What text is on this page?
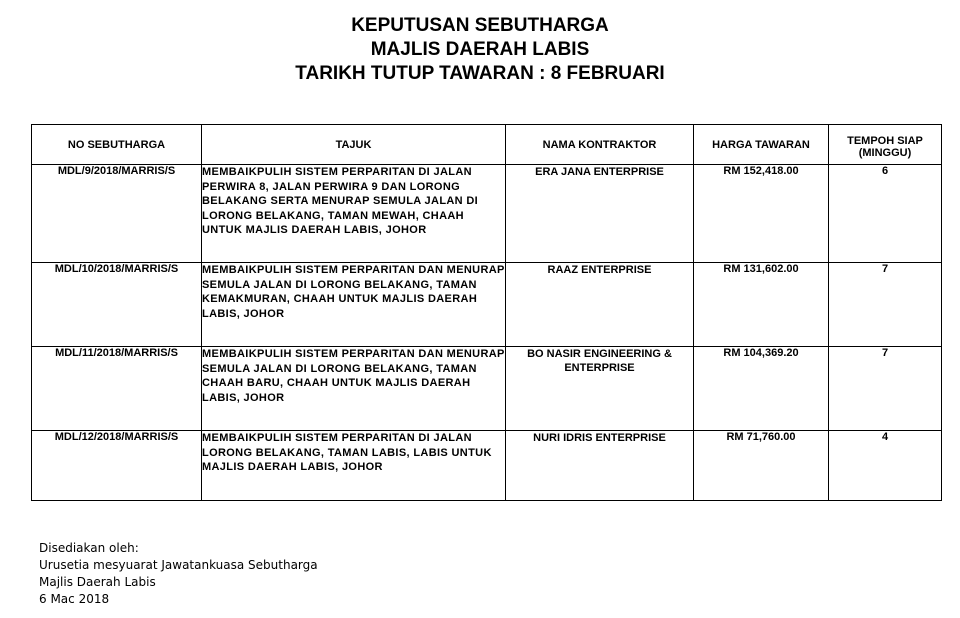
KEPUTUSAN SEBUTHARGA
MAJLIS DAERAH LABIS
TARIKH TUTUP TAWARAN : 8 FEBRUARI
NO SEBUTHARGA	TAJUK	NAMA KONTRAKTOR	HARGA TAWARAN	TEMPOH SIAP (MINGGU)

MDL/9/2018/MARRIS/S	MEMBAIKPULIH SISTEM PERPARITAN DI JALAN PERWIRA 8, JALAN PERWIRA 9 DAN LORONG BELAKANG SERTA MENURAP SEMULA JALAN DI LORONG BELAKANG, TAMAN MEWAH, CHAAH UNTUK MAJLIS DAERAH LABIS, JOHOR	ERA JANA ENTERPRISE	RM 152,418.00	6
MDL/10/2018/MARRIS/S	MEMBAIKPULIH SISTEM PERPARITAN DAN MENURAP SEMULA JALAN DI LORONG BELAKANG, TAMAN KEMAKMURAN, CHAAH UNTUK MAJLIS DAERAH LABIS, JOHOR	RAAZ ENTERPRISE	RM 131,602.00	7
MDL/11/2018/MARRIS/S	MEMBAIKPULIH SISTEM PERPARITAN DAN MENURAP SEMULA JALAN DI LORONG BELAKANG, TAMAN CHAAH BARU, CHAAH UNTUK MAJLIS DAERAH LABIS, JOHOR	BO NASIR ENGINEERING & ENTERPRISE	RM 104,369.20	7
MDL/12/2018/MARRIS/S	MEMBAIKPULIH SISTEM PERPARITAN DI JALAN LORONG BELAKANG, TAMAN LABIS, LABIS UNTUK MAJLIS DAERAH LABIS, JOHOR	NURI IDRIS ENTERPRISE	RM 71,760.00	4
Disediakan oleh:
Urusetia mesyuarat Jawatankuasa Sebutharga
Majlis Daerah Labis
6 Mac 2018
